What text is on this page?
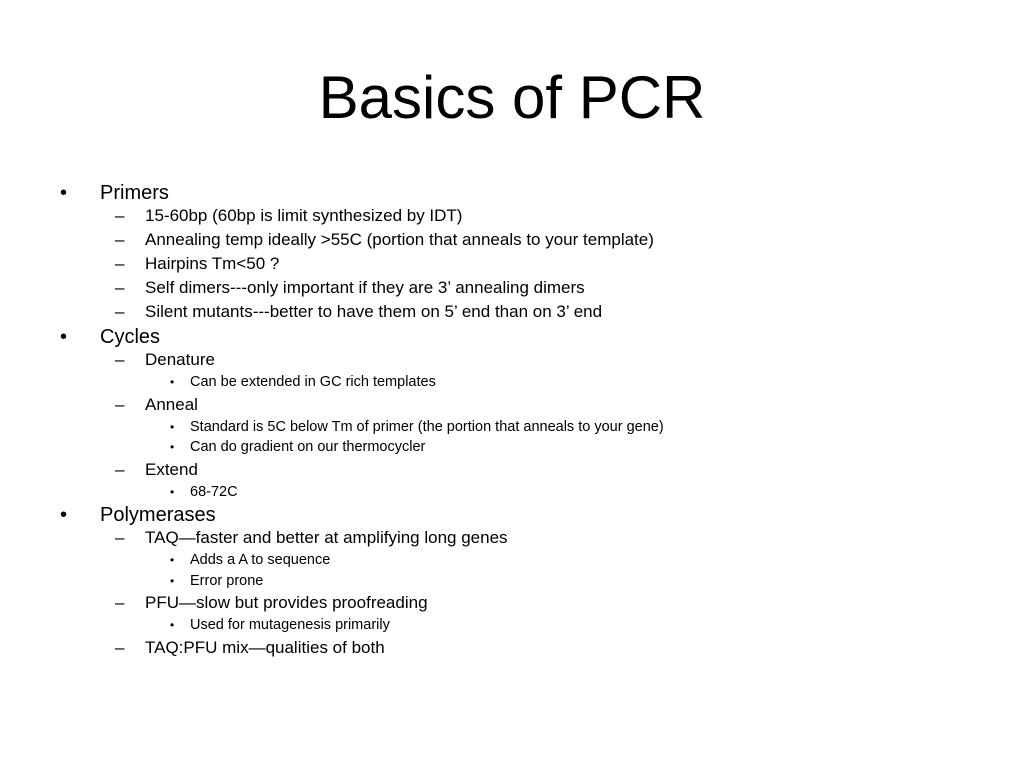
Basics of PCR
• Primers
– 15-60bp (60bp is limit synthesized by IDT)
– Annealing temp ideally >55C (portion that anneals to your template)
– Hairpins Tm<50 ?
– Self dimers---only important if they are 3’ annealing dimers
– Silent mutants---better to have them on 5’ end than on 3’ end
• Cycles
– Denature
• Can be extended in GC rich templates
– Anneal
• Standard is 5C below Tm of primer (the portion that anneals to your gene)
• Can do gradient on our thermocycler
– Extend
• 68-72C
• Polymerases
– TAQ—faster and better at amplifying long genes
• Adds a A to sequence
• Error prone
– PFU—slow but provides proofreading
• Used for mutagenesis primarily
– TAQ:PFU mix—qualities of both
